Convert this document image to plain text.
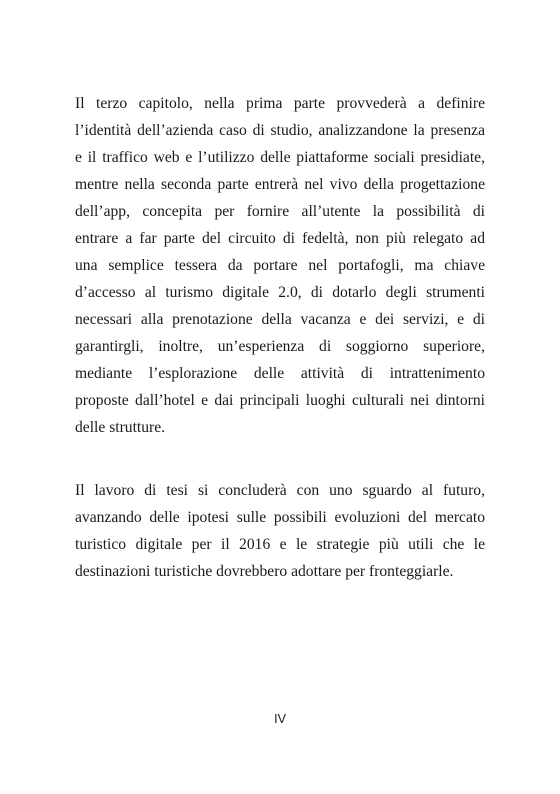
Il terzo capitolo, nella prima parte provvederà a definire
l’identità dell’azienda caso di studio, analizzandone la presenza
e il traffico web e l’utilizzo delle piattaforme sociali presidiate,
mentre nella seconda parte entrerà nel vivo della progettazione
dell’app, concepita per fornire all’utente la possibilità di
entrare a far parte del circuito di fedeltà, non più relegato ad
una semplice tessera da portare nel portafogli, ma chiave
d’accesso al turismo digitale 2.0, di dotarlo degli strumenti
necessari alla prenotazione della vacanza e dei servizi, e di
garantirgli, inoltre, un’esperienza di soggiorno superiore,
mediante l’esplorazione delle attività di intrattenimento
proposte dall’hotel e dai principali luoghi culturali nei dintorni
delle strutture.
Il lavoro di tesi si concluderà con uno sguardo al futuro,
avanzando delle ipotesi sulle possibili evoluzioni del mercato
turistico digitale per il 2016 e le strategie più utili che le
destinazioni turistiche dovrebbero adottare per fronteggiarle.
IV
